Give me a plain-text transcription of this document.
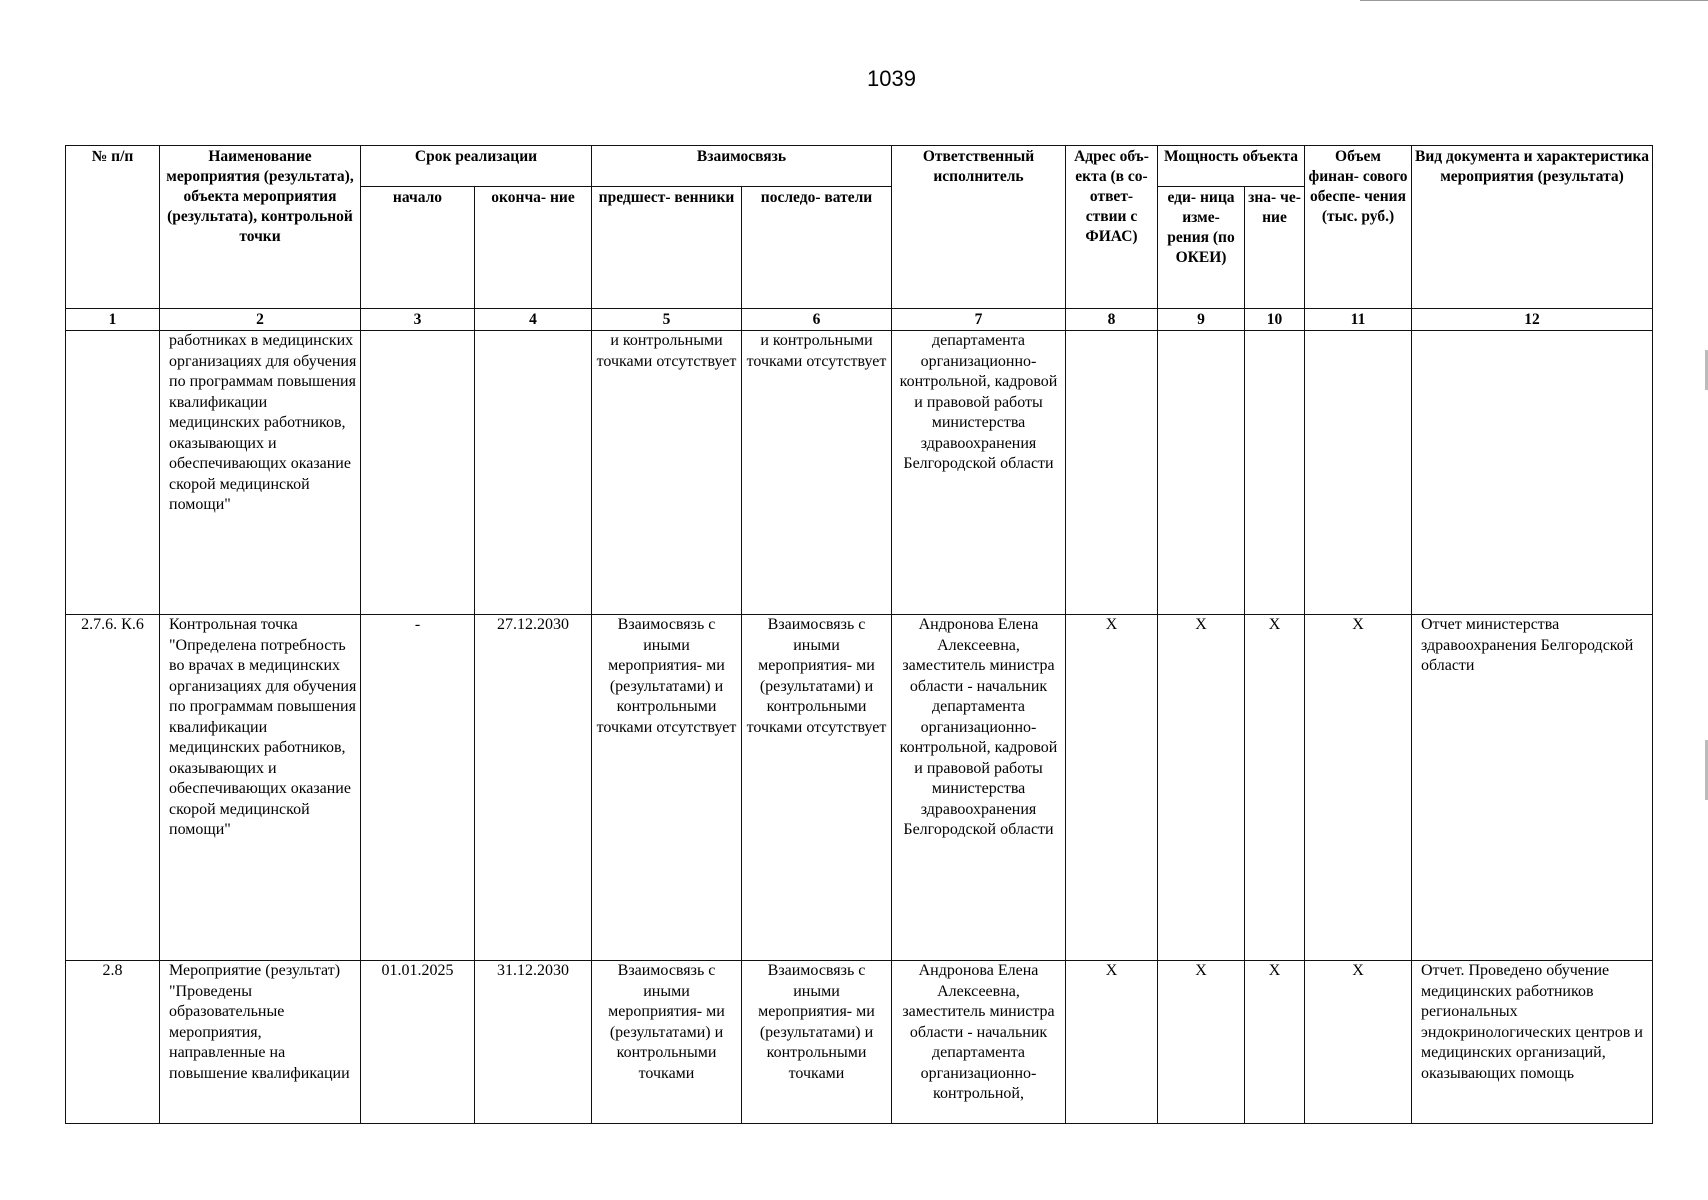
1039
№ п/п	Наименование мероприятия (результата), объекта мероприятия (результата), контрольной точки	Срок реализации		Взаимосвязь		Ответственный исполнитель	Адрес объ- екта (в со- ответ- ствии с ФИАС)	Мощность объекта		Объем финан- сового обеспе- чения (тыс. руб.)	Вид документа и характеристика мероприятия (результата)
		начало	оконча- ние	предшест- венники	последо- ватели			еди- ница изме- рения (по ОКЕИ)	зна- че- ние		
1	2	3	4	5	6	7	8	9	10	11	12
	работниках в медицинских организациях для обучения по программам повышения квалификации медицинских работников, оказывающих и обеспечивающих оказание скорой медицинской помощи"			и контрольными точками отсутствует	и контрольными точками отсутствует	департамента организационно- контрольной, кадровой и правовой работы министерства здравоохранения Белгородской области					
2.7.6. К.6	Контрольная точка "Определена потребность во врачах в медицинских организациях для обучения по программам повышения квалификации медицинских работников, оказывающих и обеспечивающих оказание скорой медицинской помощи"	-	27.12.2030	Взаимосвязь с иными мероприятия- ми (результатами) и контрольными точками отсутствует	Взаимосвязь с иными мероприятия- ми (результатами) и контрольными точками отсутствует	Андронова Елена Алексеевна, заместитель министра области - начальник департамента организационно- контрольной, кадровой и правовой работы министерства здравоохранения Белгородской области	X	X	X	X	Отчет министерства здравоохранения Белгородской области
2.8	Мероприятие (результат) "Проведены образовательные мероприятия, направленные на повышение квалификации	01.01.2025	31.12.2030	Взаимосвязь с иными мероприятия- ми (результатами) и контрольными точками	Взаимосвязь с иными мероприятия- ми (результатами) и контрольными точками	Андронова Елена Алексеевна, заместитель министра области - начальник департамента организационно- контрольной,	X	X	X	X	Отчет. Проведено обучение медицинских работников региональных эндокринологических центров и медицинских организаций, оказывающих помощь
